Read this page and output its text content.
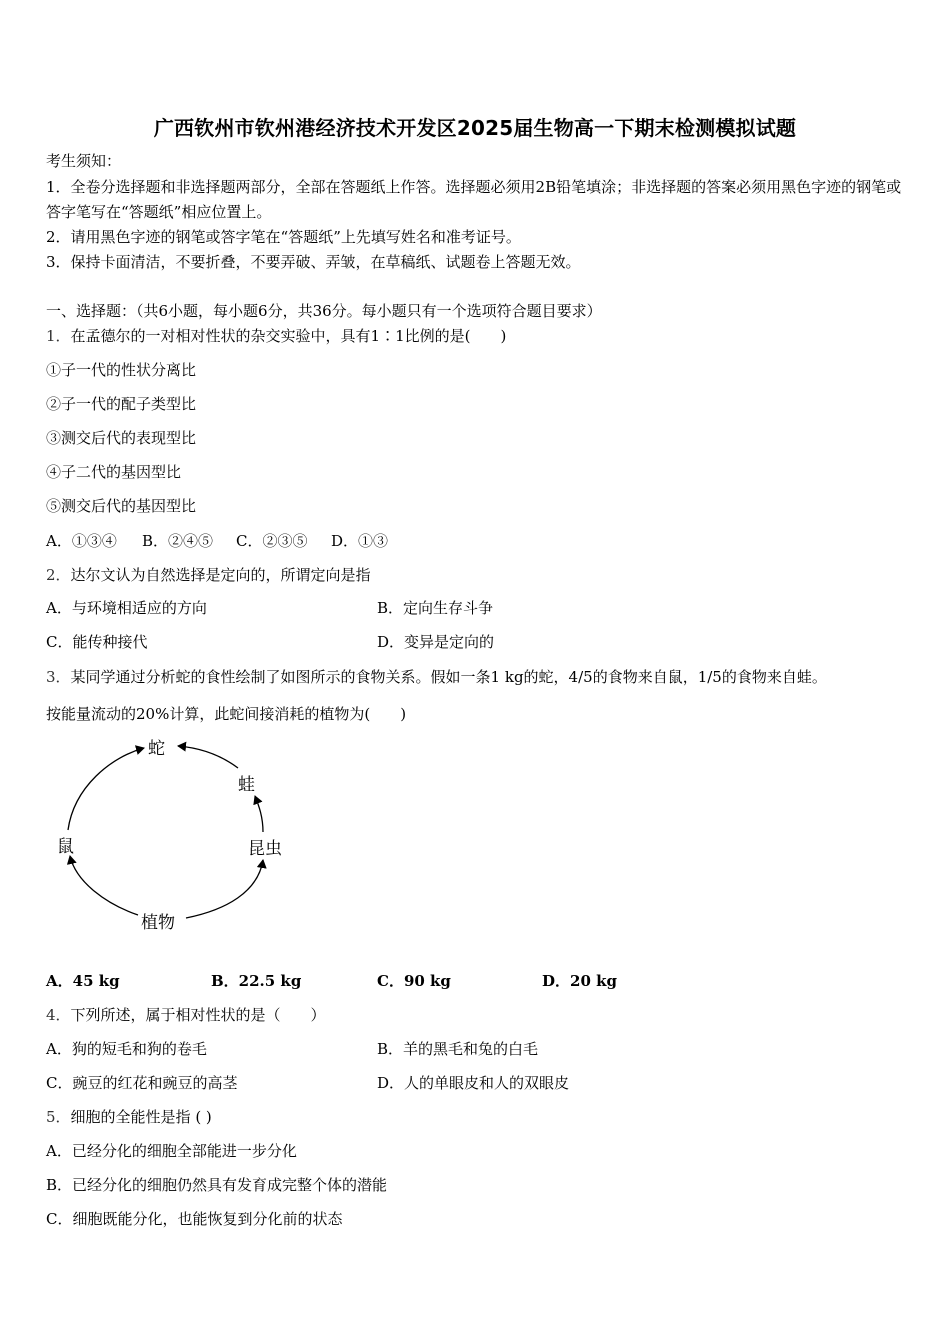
广西钦州市钦州港经济技术开发区2025届生物高一下期末检测模拟试题
考生须知：
1．全卷分选择题和非选择题两部分，全部在答题纸上作答。选择题必须用2B铅笔填涂；非选择题的答案必须用黑色字迹的钢笔或答字笔写在“答题纸”相应位置上。
2．请用黑色字迹的钢笔或答字笔在“答题纸”上先填写姓名和准考证号。
3．保持卡面清洁，不要折叠，不要弄破、弄皱，在草稿纸、试题卷上答题无效。
一、选择题：（共6小题，每小题6分，共36分。每小题只有一个选项符合题目要求）
1．在孟德尔的一对相对性状的杂交实验中，具有1∶1比例的是(　　)
①子一代的性状分离比
②子一代的配子类型比
③测交后代的表现型比
④子二代的基因型比
⑤测交后代的基因型比
A．①③④ B．②④⑤ C．②③⑤ D．①③
2．达尔文认为自然选择是定向的，所谓定向是指
A．与环境相适应的方向	B．定向生存斗争
C．能传种接代	D．变异是定向的
3．某同学通过分析蛇的食性绘制了如图所示的食物关系。假如一条1 kg的蛇，4/5的食物来自鼠，1/5的食物来自蛙。
按能量流动的20%计算，此蛇间接消耗的植物为(　　)
蛇
蛙
鼠	昆虫
植物
A．45 kg	B．22.5 kg	C．90 kg	D．20 kg
4．下列所述，属于相对性状的是（　　）
A．狗的短毛和狗的卷毛	B．羊的黑毛和兔的白毛
C．豌豆的红花和豌豆的高茎	D．人的单眼皮和人的双眼皮
5．细胞的全能性是指 ( )
A．已经分化的细胞全部能进一步分化
B．已经分化的细胞仍然具有发育成完整个体的潜能
C．细胞既能分化，也能恢复到分化前的状态
